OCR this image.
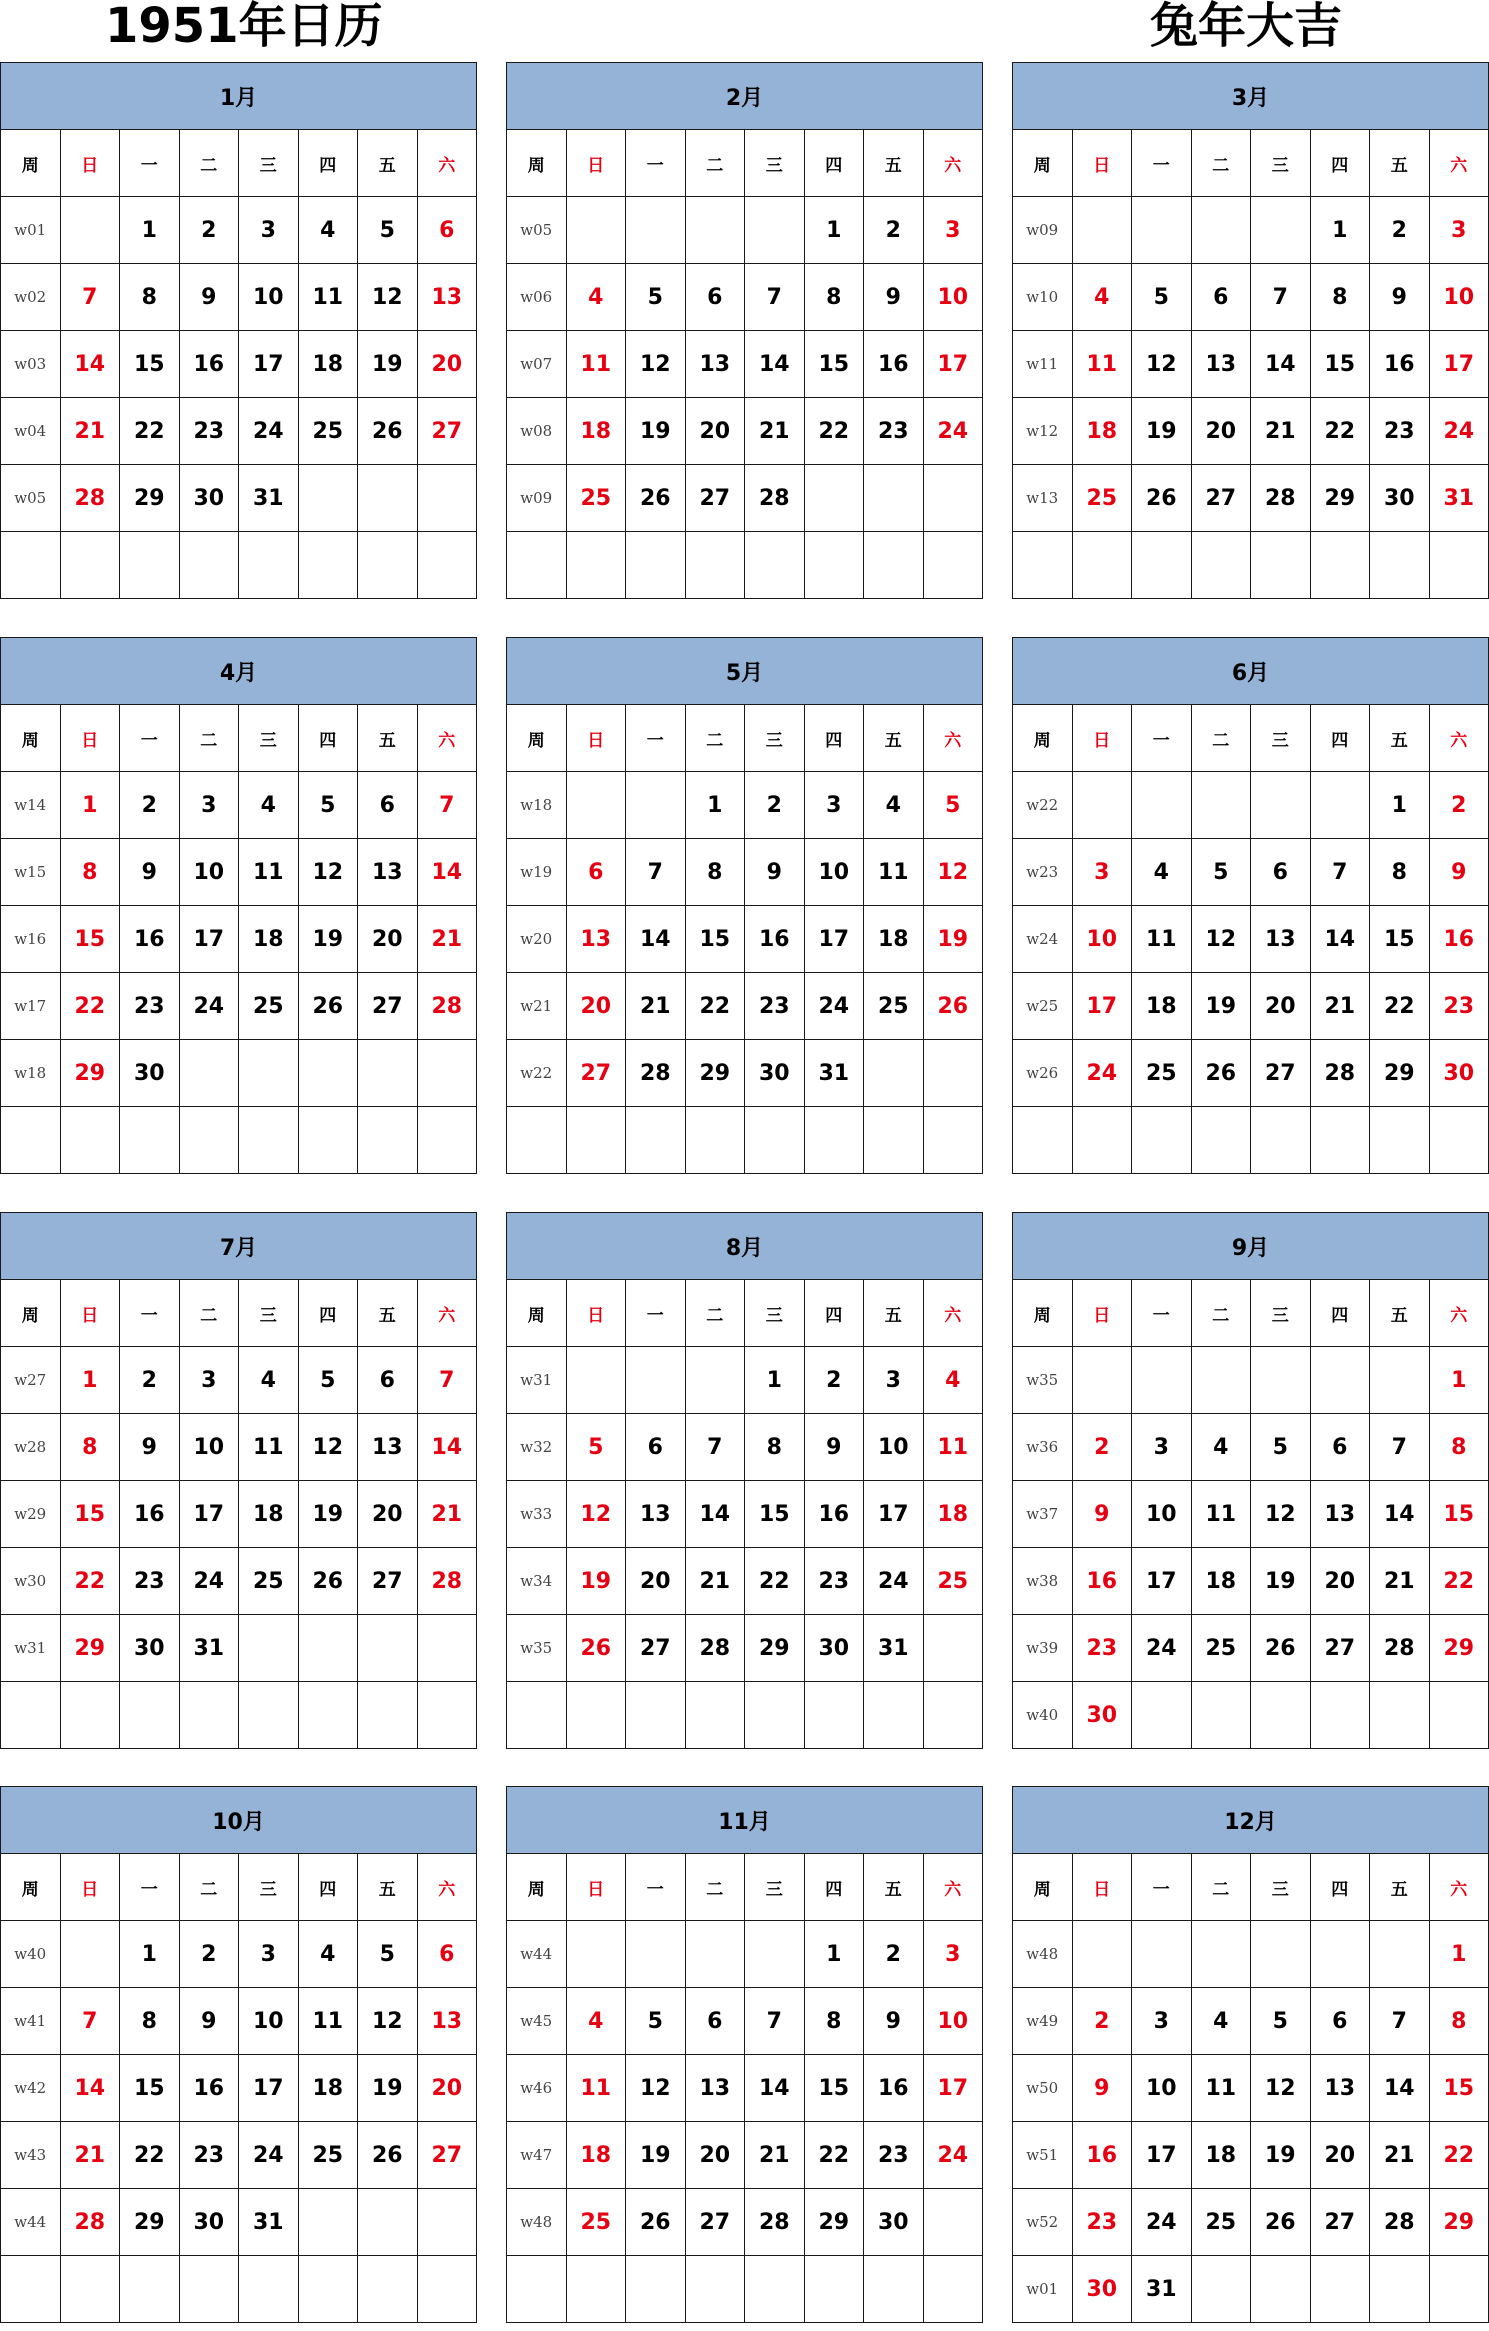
1951年日历	兔年大吉
1月							
周	日	一	二	三	四	五	六
w01		1	2	3	4	5	6
w02	7	8	9	10	11	12	13
w03	14	15	16	17	18	19	20
w04	21	22	23	24	25	26	27
w05	28	29	30	31			

2月							
周	日	一	二	三	四	五	六
w05					1	2	3
w06	4	5	6	7	8	9	10
w07	11	12	13	14	15	16	17
w08	18	19	20	21	22	23	24
w09	25	26	27	28			

3月							
周	日	一	二	三	四	五	六
w09					1	2	3
w10	4	5	6	7	8	9	10
w11	11	12	13	14	15	16	17
w12	18	19	20	21	22	23	24
w13	25	26	27	28	29	30	31

4月							
周	日	一	二	三	四	五	六
w14	1	2	3	4	5	6	7
w15	8	9	10	11	12	13	14
w16	15	16	17	18	19	20	21
w17	22	23	24	25	26	27	28
w18	29	30					

5月							
周	日	一	二	三	四	五	六
w18			1	2	3	4	5
w19	6	7	8	9	10	11	12
w20	13	14	15	16	17	18	19
w21	20	21	22	23	24	25	26
w22	27	28	29	30	31		

6月							
周	日	一	二	三	四	五	六
w22						1	2
w23	3	4	5	6	7	8	9
w24	10	11	12	13	14	15	16
w25	17	18	19	20	21	22	23
w26	24	25	26	27	28	29	30

7月							
周	日	一	二	三	四	五	六
w27	1	2	3	4	5	6	7
w28	8	9	10	11	12	13	14
w29	15	16	17	18	19	20	21
w30	22	23	24	25	26	27	28
w31	29	30	31				

8月							
周	日	一	二	三	四	五	六
w31				1	2	3	4
w32	5	6	7	8	9	10	11
w33	12	13	14	15	16	17	18
w34	19	20	21	22	23	24	25
w35	26	27	28	29	30	31	

9月							
周	日	一	二	三	四	五	六
w35							1
w36	2	3	4	5	6	7	8
w37	9	10	11	12	13	14	15
w38	16	17	18	19	20	21	22
w39	23	24	25	26	27	28	29
w40	30						
10月							
周	日	一	二	三	四	五	六
w40		1	2	3	4	5	6
w41	7	8	9	10	11	12	13
w42	14	15	16	17	18	19	20
w43	21	22	23	24	25	26	27
w44	28	29	30	31			

11月							
周	日	一	二	三	四	五	六
w44					1	2	3
w45	4	5	6	7	8	9	10
w46	11	12	13	14	15	16	17
w47	18	19	20	21	22	23	24
w48	25	26	27	28	29	30	

12月							
周	日	一	二	三	四	五	六
w48							1
w49	2	3	4	5	6	7	8
w50	9	10	11	12	13	14	15
w51	16	17	18	19	20	21	22
w52	23	24	25	26	27	28	29
w01	30	31					
